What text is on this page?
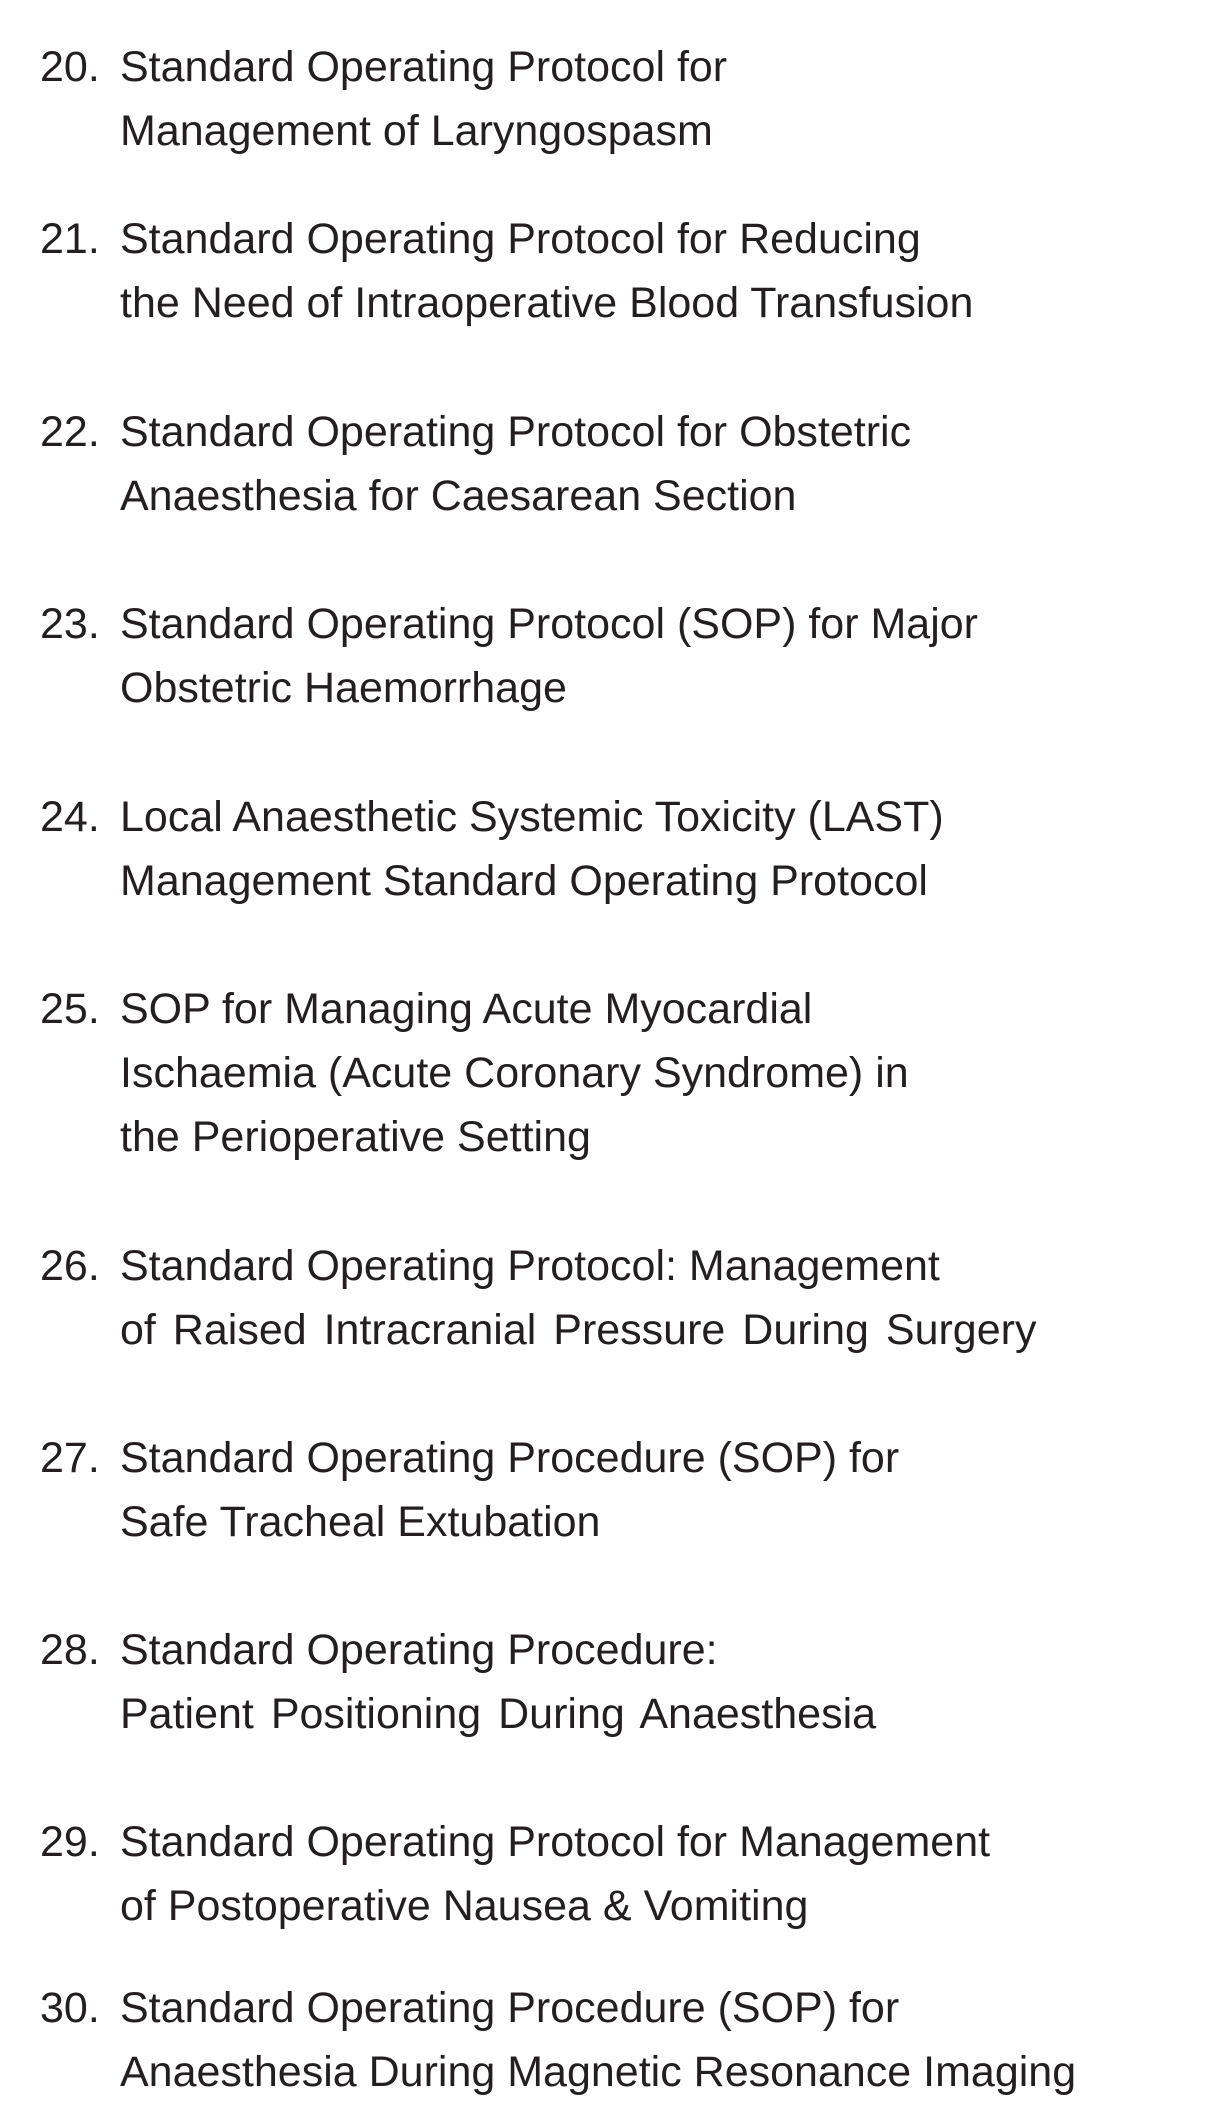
20. Standard Operating Protocol for
Management of Laryngospasm
21. Standard Operating Protocol for Reducing
the Need of Intraoperative Blood Transfusion
22. Standard Operating Protocol for Obstetric
Anaesthesia for Caesarean Section
23. Standard Operating Protocol (SOP) for Major
Obstetric Haemorrhage
24. Local Anaesthetic Systemic Toxicity (LAST)
Management Standard Operating Protocol
25. SOP for Managing Acute Myocardial
Ischaemia (Acute Coronary Syndrome) in
the Perioperative Setting
26. Standard Operating Protocol: Management
of Raised Intracranial Pressure During Surgery
27. Standard Operating Procedure (SOP) for
Safe Tracheal Extubation
28. Standard Operating Procedure:
Patient Positioning During Anaesthesia
29. Standard Operating Protocol for Management
of Postoperative Nausea & Vomiting
30. Standard Operating Procedure (SOP) for
Anaesthesia During Magnetic Resonance Imaging
